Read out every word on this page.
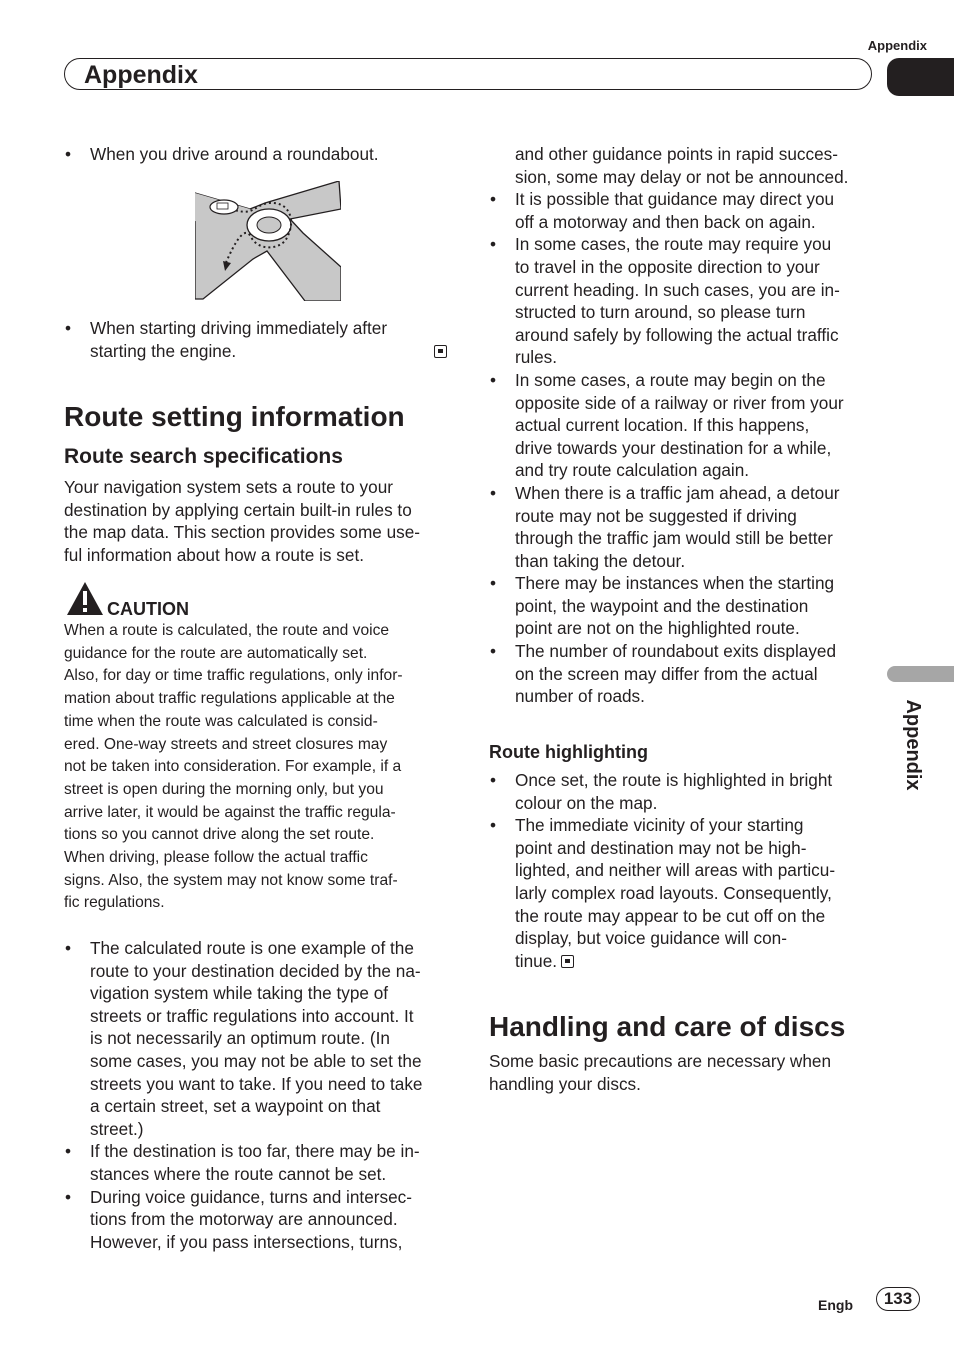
Appendix
Appendix
Appendix
• When you drive around a roundabout.
• When starting driving immediately after starting the engine.
Route setting information
Route search specifications

Your navigation system sets a route to your
destination by applying certain built-in rules to
the map data. This section provides some use-
ful information about how a route is set.

CAUTION

When a route is calculated, the route and voice
guidance for the route are automatically set.
Also, for day or time traffic regulations, only infor-
mation about traffic regulations applicable at the
time when the route was calculated is consid-
ered. One-way streets and street closures may
not be taken into consideration. For example, if a
street is open during the morning only, but you
arrive later, it would be against the traffic regula-
tions so you cannot drive along the set route.
When driving, please follow the actual traffic
signs. Also, the system may not know some traf-
fic regulations.

• The calculated route is one example of the
route to your destination decided by the na-
vigation system while taking the type of
streets or traffic regulations into account. It
is not necessarily an optimum route. (In
some cases, you may not be able to set the
streets you want to take. If you need to take
a certain street, set a waypoint on that
street.)
• If the destination is too far, there may be in-
stances where the route cannot be set.
• During voice guidance, turns and intersec-
tions from the motorway are announced.
However, if you pass intersections, turns,
and other guidance points in rapid succes-
sion, some may delay or not be announced.
• It is possible that guidance may direct you
off a motorway and then back on again.
• In some cases, the route may require you
to travel in the opposite direction to your
current heading. In such cases, you are in-
structed to turn around, so please turn
around safely by following the actual traffic
rules.
• In some cases, a route may begin on the
opposite side of a railway or river from your
actual current location. If this happens,
drive towards your destination for a while,
and try route calculation again.
• When there is a traffic jam ahead, a detour
route may not be suggested if driving
through the traffic jam would still be better
than taking the detour.
• There may be instances when the starting
point, the waypoint and the destination
point are not on the highlighted route.
• The number of roundabout exits displayed
on the screen may differ from the actual
number of roads.
Route highlighting
• Once set, the route is highlighted in bright
colour on the map.
• The immediate vicinity of your starting
point and destination may not be high-
lighted, and neither will areas with particu-
larly complex road layouts. Consequently,
the route may appear to be cut off on the
display, but voice guidance will con-
tinue.
Handling and care of discs

Some basic precautions are necessary when
handling your discs.

Engb	133
